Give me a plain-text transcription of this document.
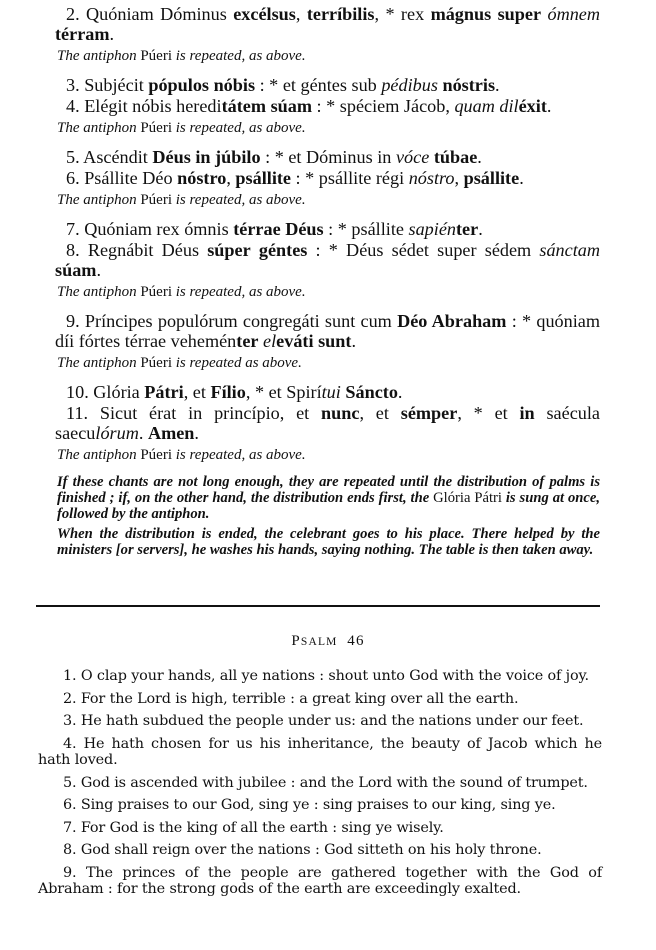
2. Quóniam Dóminus excélsus, terríbilis, * rex mágnus super ómnem térram.

The antiphon Púeri is repeated, as above.

3. Subjécit pópulos nóbis : * et géntes sub pédibus nóstris.

4. Elégit nóbis hereditátem súam : * spéciem Jácob, quam diléxit.

The antiphon Púeri is repeated, as above.

5. Ascéndit Déus in júbilo : * et Dóminus in vóce túbae.

6. Psállite Déo nóstro, psállite : * psállite régi nóstro, psállite.

The antiphon Púeri is repeated, as above.

7. Quóniam rex ómnis térrae Déus : * psállite sapiénter.

8. Regnábit Déus súper géntes : * Déus sédet super sédem sánctam súam.

The antiphon Púeri is repeated, as above.

9. Príncipes populórum congregáti sunt cum Déo Abraham : * quóniam díi fórtes térrae veheménter eleváti sunt.

The antiphon Púeri is repeated as above.

10. Glória Pátri, et Fílio, * et Spirítui Sáncto.

11. Sicut érat in princípio, et nunc, et sémper, * et in saécula saeculórum. Amen.

The antiphon Púeri is repeated, as above.

If these chants are not long enough, they are repeated until the distribution of palms is finished ; if, on the other hand, the distribution ends first, the Glória Pátri is sung at once, followed by the antiphon.

When the distribution is ended, the celebrant goes to his place. There helped by the ministers [or servers], he washes his hands, saying nothing. The table is then taken away.

PSALM 46

1. O clap your hands, all ye nations : shout unto God with the voice of joy.

2. For the Lord is high, terrible : a great king over all the earth.

3. He hath subdued the people under us: and the nations under our feet.

4. He hath chosen for us his inheritance, the beauty of Jacob which he hath loved.

5. God is ascended with jubilee : and the Lord with the sound of trumpet.

6. Sing praises to our God, sing ye : sing praises to our king, sing ye.

7. For God is the king of all the earth : sing ye wisely.

8. God shall reign over the nations : God sitteth on his holy throne.

9. The princes of the people are gathered together with the God of Abraham : for the strong gods of the earth are exceedingly exalted.
